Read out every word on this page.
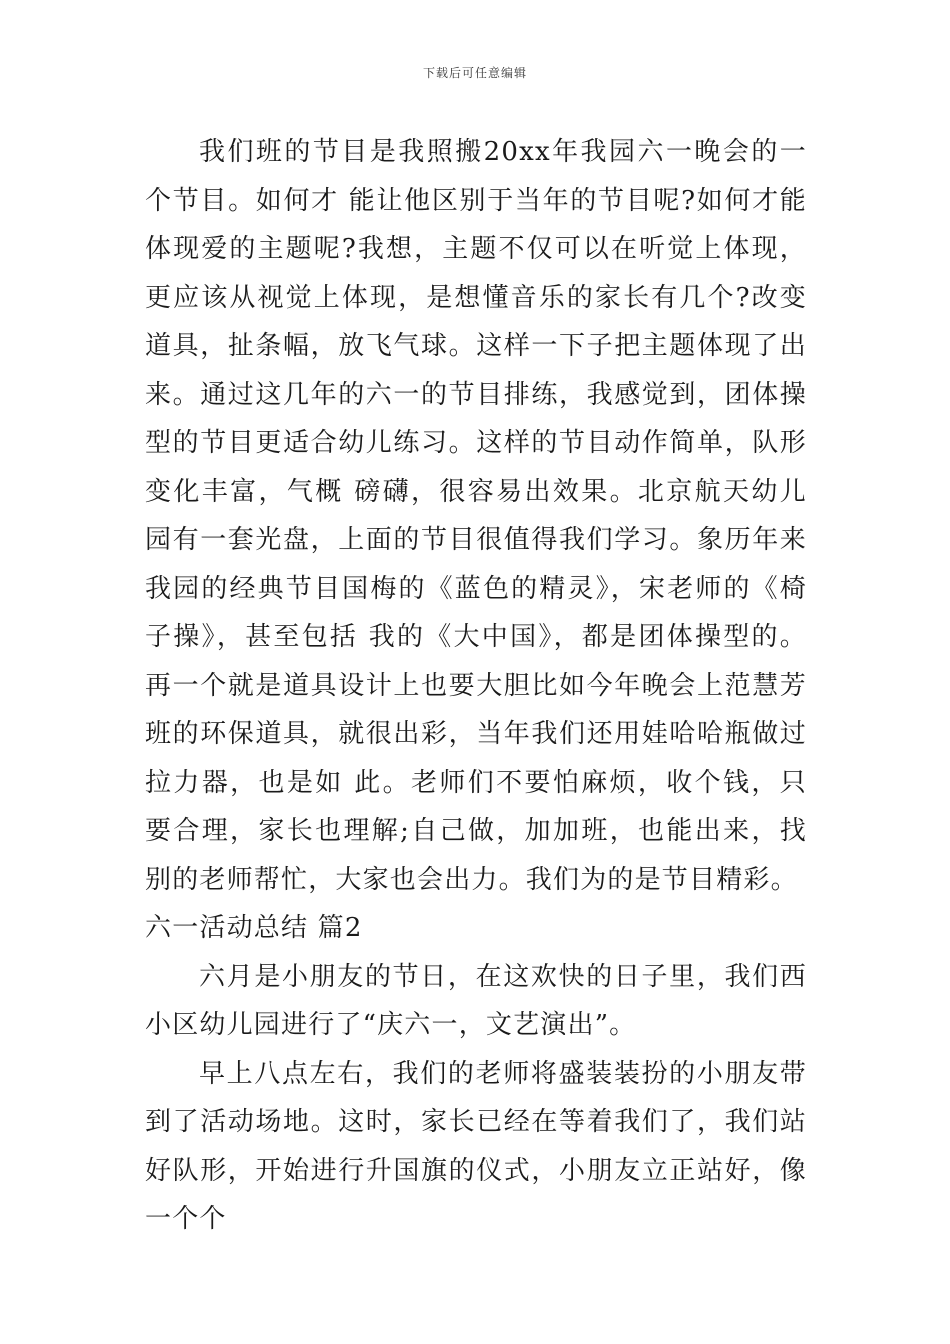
下载后可任意编辑

我们班的节目是我照搬20xx年我园六一晚会的一个节目。如何才 能让他区别于当年的节目呢?如何才能体现爱的主题呢?我想，主题不仅可以在听觉上体现，更应该从视觉上体现，是想懂音乐的家长有几个?改变道具，扯条幅，放飞气球。这样一下子把主题体现了出来。通过这几年的六一的节目排练，我感觉到，团体操型的节目更适合幼儿练习。这样的节目动作简单，队形变化丰富，气概 磅礴，很容易出效果。北京航天幼儿园有一套光盘，上面的节目很值得我们学习。象历年来我园的经典节目国梅的《蓝色的精灵》，宋老师的《椅子操》，甚至包括 我的《大中国》，都是团体操型的。再一个就是道具设计上也要大胆比如今年晚会上范慧芳班的环保道具，就很出彩，当年我们还用娃哈哈瓶做过拉力器，也是如 此。老师们不要怕麻烦，收个钱，只要合理，家长也理解;自己做，加加班，也能出来，找别的老师帮忙，大家也会出力。我们为的是节目精彩。

六一活动总结 篇2

六月是小朋友的节日，在这欢快的日子里，我们西小区幼儿园进行了“庆六一，文艺演出”。

早上八点左右，我们的老师将盛装装扮的小朋友带到了活动场地。这时，家长已经在等着我们了，我们站好队形，开始进行升国旗的仪式，小朋友立正站好，像一个个
